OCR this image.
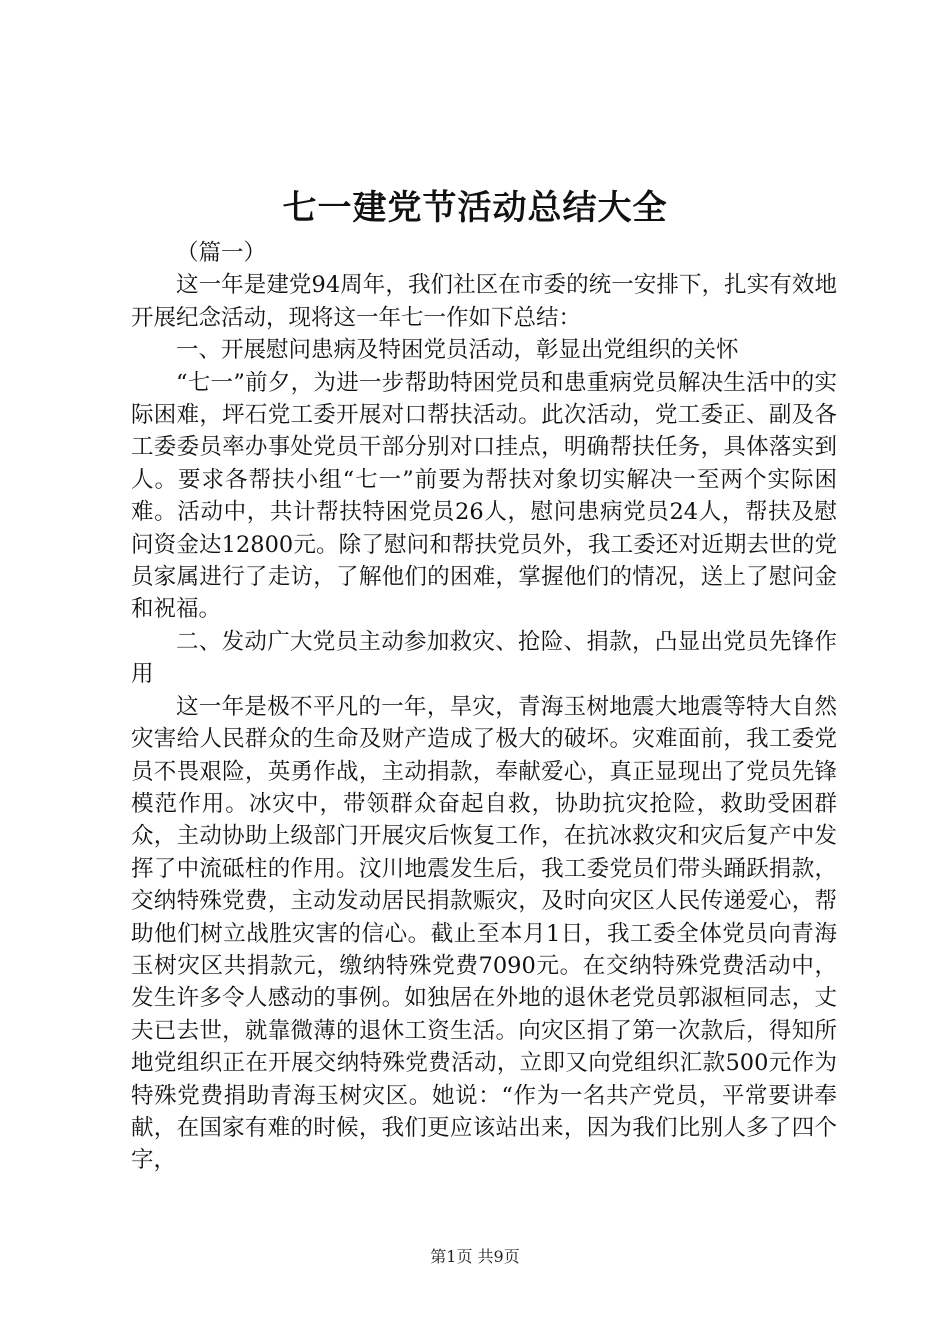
七一建党节活动总结大全

（篇一）

这一年是建党94周年，我们社区在市委的统一安排下，扎实有效地开展纪念活动，现将这一年七一作如下总结：

一、开展慰问患病及特困党员活动，彰显出党组织的关怀

“七一”前夕，为进一步帮助特困党员和患重病党员解决生活中的实际困难，坪石党工委开展对口帮扶活动。此次活动，党工委正、副及各工委委员率办事处党员干部分别对口挂点，明确帮扶任务，具体落实到人。要求各帮扶小组“七一”前要为帮扶对象切实解决一至两个实际困难。活动中，共计帮扶特困党员26人，慰问患病党员24人，帮扶及慰问资金达12800元。除了慰问和帮扶党员外，我工委还对近期去世的党员家属进行了走访，了解他们的困难，掌握他们的情况，送上了慰问金和祝福。

二、发动广大党员主动参加救灾、抢险、捐款，凸显出党员先锋作用

这一年是极不平凡的一年，旱灾，青海玉树地震大地震等特大自然灾害给人民群众的生命及财产造成了极大的破坏。灾难面前，我工委党员不畏艰险，英勇作战，主动捐款，奉献爱心，真正显现出了党员先锋模范作用。冰灾中，带领群众奋起自救，协助抗灾抢险，救助受困群众，主动协助上级部门开展灾后恢复工作，在抗冰救灾和灾后复产中发挥了中流砥柱的作用。汶川地震发生后，我工委党员们带头踊跃捐款，交纳特殊党费，主动发动居民捐款赈灾，及时向灾区人民传递爱心，帮助他们树立战胜灾害的信心。截止至本月1日，我工委全体党员向青海玉树灾区共捐款元，缴纳特殊党费7090元。在交纳特殊党费活动中，发生许多令人感动的事例。如独居在外地的退休老党员郭淑桓同志，丈夫已去世，就靠微薄的退休工资生活。向灾区捐了第一次款后，得知所地党组织正在开展交纳特殊党费活动，立即又向党组织汇款500元作为特殊党费捐助青海玉树灾区。她说：“作为一名共产党员，平常要讲奉献，在国家有难的时候，我们更应该站出来，因为我们比别人多了四个字，

第1页 共9页
